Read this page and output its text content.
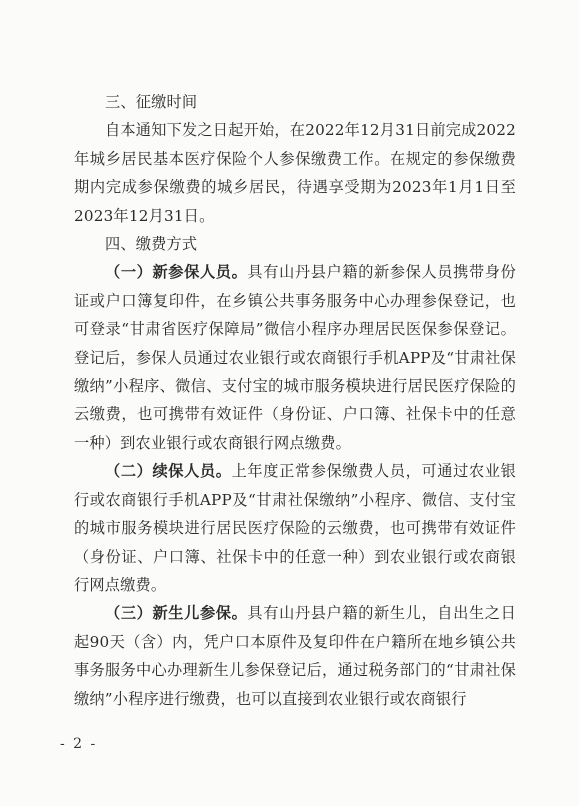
三、征缴时间

自本通知下发之日起开始，在2022年12月31日前完成2022年城乡居民基本医疗保险个人参保缴费工作。在规定的参保缴费期内完成参保缴费的城乡居民，待遇享受期为2023年1月1日至2023年12月31日。

四、缴费方式

（一）新参保人员。具有山丹县户籍的新参保人员携带身份证或户口簿复印件，在乡镇公共事务服务中心办理参保登记，也可登录“甘肃省医疗保障局”微信小程序办理居民医保参保登记。登记后，参保人员通过农业银行或农商银行手机APP及“甘肃社保缴纳”小程序、微信、支付宝的城市服务模块进行居民医疗保险的云缴费，也可携带有效证件（身份证、户口簿、社保卡中的任意一种）到农业银行或农商银行网点缴费。

（二）续保人员。上年度正常参保缴费人员，可通过农业银行或农商银行手机APP及“甘肃社保缴纳”小程序、微信、支付宝的城市服务模块进行居民医疗保险的云缴费，也可携带有效证件（身份证、户口簿、社保卡中的任意一种）到农业银行或农商银行网点缴费。

（三）新生儿参保。具有山丹县户籍的新生儿，自出生之日起90天（含）内，凭户口本原件及复印件在户籍所在地乡镇公共事务服务中心办理新生儿参保登记后，通过税务部门的“甘肃社保缴纳”小程序进行缴费，也可以直接到农业银行或农商银行

- 2 -
